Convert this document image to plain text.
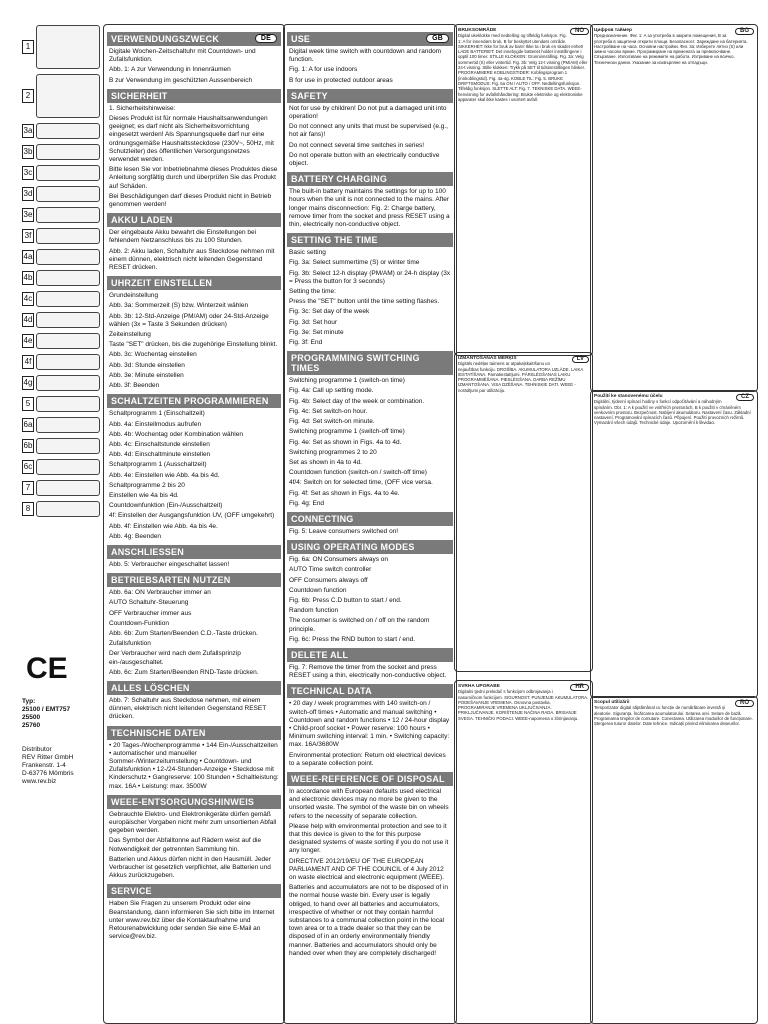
1
2
3a
3b
3c
3d
3e
3f
4a
4b
4c
4d
4e
4f
4g
5
6a
6b
6c
7
8
CE
Typ:
25100 / EMT757
25500
25760
Distributor
REV Ritter GmbH
Frankenstr. 1-4
D-63776 Mömbris
www.rev.biz
VERWENDUNGSZWECK	DE
Digitale Wochen-Zeitschaltuhr mit Countdown- und Zufallsfunktion.
Abb. 1: A zur Verwendung in Innenräumen
B zur Verwendung im geschützten Aussenbereich
SICHERHEIT
1. Sicherheitshinweise:
Dieses Produkt ist für normale Haushaltsanwendungen geeignet; es darf nicht als Sicherheitsvorrichtung eingesetzt werden! Als Spannungsquelle darf nur eine ordnungsgemäße Haushaltssteckdose (230V~, 50Hz, mit Schutzleiter) des öffentlichen Versorgungsnetzes verwendet werden.
Bitte lesen Sie vor Inbetriebnahme dieses Produktes diese Anleitung sorgfältig durch und überprüfen Sie das Produkt auf Schäden.
Bei Beschädigungen darf dieses Produkt nicht in Betrieb genommen werden!
AKKU LADEN
Der eingebaute Akku bewahrt die Einstellungen bei fehlendem Netzanschluss bis zu 100 Stunden.
Abb. 2: Akku laden, Schaltuhr aus Steckdose nehmen mit einem dünnen, elektrisch nicht leitenden Gegenstand RESET drücken.
UHRZEIT EINSTELLEN
Grundeinstellung
Abb. 3a: Sommerzeit (S) bzw. Winterzeit wählen
Abb. 3b: 12-Std-Anzeige (PM/AM) oder 24-Std-Anzeige wählen (3x = Taste 3 Sekunden drücken)
Zeiteinstellung
Taste "SET" drücken, bis die zugehörige Einstellung blinkt.
Abb. 3c: Wochentag einstellen
Abb. 3d: Stunde einstellen
Abb. 3e: Minute einstellen
Abb. 3f: Beenden
SCHALTZEITEN PROGRAMMIEREN
Schaltprogramm 1 (Einschaltzeit)
Abb. 4a: Einstellmodus aufrufen
Abb. 4b: Wochentag oder Kombination wählen
Abb. 4c: Einschaltstunde einstellen
Abb. 4d: Einschaltminute einstellen
Schaltprogramm 1 (Ausschaltzeit)
Abb. 4e: Einstellen wie Abb. 4a bis 4d.
Schaltprogramme 2 bis 20
Einstellen wie 4a bis 4d.
Countdownfunktion (Ein-/Ausschaltzeit)
4f: Einstellen der Ausgangsfunktion UV, (OFF umgekehrt)
Abb. 4f: Einstellen wie Abb. 4a bis 4e.
Abb. 4g: Beenden
ANSCHLIESSEN
Abb. 5: Verbraucher eingeschaltet lassen!
BETRIEBSARTEN NUTZEN
Abb. 6a: ON Verbraucher immer an
AUTO Schaltuhr-Steuerung
OFF Verbraucher immer aus
Countdown-Funktion
Abb. 6b: Zum Starten/Beenden C.D.-Taste drücken.
Zufallsfunktion
Der Verbraucher wird nach dem Zufallsprinzip ein-/ausgeschaltet.
Abb. 6c: Zum Starten/Beenden RND-Taste drücken.
ALLES LÖSCHEN
Abb. 7: Schaltuhr aus Steckdose nehmen, mit einem dünnen, elektrisch nicht leitenden Gegenstand RESET drücken.
TECHNISCHE DATEN
• 20 Tages-/Wochenprogramme • 144 Ein-/Ausschaltzeiten • automatischer und manueller Sommer-/Winterzeitumstellung • Countdown- und Zufallsfunktion • 12-/24-Stunden-Anzeige • Steckdose mit Kinderschutz • Gangreserve: 100 Stunden • Schaltleistung: max. 16A • Leistung: max. 3500W
WEEE-ENTSORGUNGSHINWEIS
Gebrauchte Elektro- und Elektronikgeräte dürfen gemäß europäischer Vorgaben nicht mehr zum unsortierten Abfall gegeben werden.
Das Symbol der Abfalltonne auf Rädern weist auf die Notwendigkeit der getrennten Sammlung hin.
Batterien und Akkus dürfen nicht in den Hausmüll. Jeder Verbraucher ist gesetzlich verpflichtet, alle Batterien und Akkus zurückzugeben.
SERVICE
Haben Sie Fragen zu unserem Produkt oder eine Beanstandung, dann informieren Sie sich bitte im Internet unter www.rev.biz über die Kontaktaufnahme und Retourenabwicklung oder senden Sie eine E-Mail an service@rev.biz.
USE	GB
Digital week time switch with countdown and random function.
Fig. 1: A for use indoors
B for use in protected outdoor areas
SAFETY
Not for use by children! Do not put a damaged unit into operation!
Do not connect any units that must be supervised (e.g., hot air fans)!
Do not connect several time switches in series!
Do not operate button with an electrically conductive object.
BATTERY CHARGING
The built-in battery maintains the settings for up to 100 hours when the unit is not connected to the mains. After longer mains disconnection: Fig. 2: Charge battery, remove timer from the socket and press RESET using a thin, electrically non-conductive object.
SETTING THE TIME
Basic setting
Fig. 3a: Select summertime (S) or winter time
Fig. 3b: Select 12-h display (PM/AM) or 24-h display (3x = Press the button for 3 seconds)
Setting the time:
Press the "SET" button until the time setting flashes.
Fig. 3c: Set day of the week
Fig. 3d: Set hour
Fig. 3e: Set minute
Fig. 3f: End
PROGRAMMING SWITCHING TIMES
Switching programme 1 (switch-on time)
Fig. 4a: Call up setting mode.
Fig. 4b: Select day of the week or combination.
Fig. 4c: Set switch-on hour.
Fig. 4d: Set switch-on minute.
Switching programme 1 (switch-off time)
Fig. 4e: Set as shown in Figs. 4a to 4d.
Switching programmes 2 to 20
Set as shown in 4a to 4d.
Countdown function (switch-on / switch-off time)
4f/4: Switch on for selected time, (OFF vice versa.
Fig. 4f: Set as shown in Figs. 4a to 4e.
Fig. 4g: End
CONNECTING
Fig. 5: Leave consumers switched on!
USING OPERATING MODES
Fig. 6a: ON Consumers always on
AUTO Time switch controller
OFF Consumers always off
Countdown function
Fig. 6b: Press C.D button to start / end.
Random function
The consumer is switched on / off on the random principle.
Fig. 6c: Press the RND button to start / end.
DELETE ALL
Fig. 7: Remove the timer from the socket and press RESET using a thin, electrically non-conductive object.
TECHNICAL DATA
• 20 day / week programmes with 140 switch-on / switch-off times • Automatic and manual switching • Countdown and random functions • 12 / 24-hour display • Child-proof socket • Power reserve: 100 hours • Minimum switching interval: 1 min. • Switching capacity: max. 16A/3680W
Environmental protection: Return old electrical devices to a separate collection point.
WEEE-REFERENCE OF DISPOSAL
In accordance with European defaults used electrical and electronic devices may no more be given to the unsorted waste. The symbol of the waste bin on wheels refers to the necessity of separate collection.
Please help with environmental protection and see to it that this device is given to the for this purpose designated systems of waste sorting if you do not use it any longer.
DIRECTIVE 2012/19/EU OF THE EUROPEAN PARLIAMENT AND OF THE COUNCIL of 4 July 2012 on waste electrical and electronic equipment (WEEE).
Batteries and accumulators are not to be disposed of in the normal house waste bin. Every user is legally obliged, to hand over all batteries and accumulators, irrespective of whether or not they contain harmful substances to a communal collection point in the local town area or to a trade dealer so that they can be disposed of in an orderly environmentally friendly manner. Batteries and accumulators should only be handed over when they are completely discharged!
NO
BRUKSOMRÅDE
Digital ukeklokke med nedtelling og tilfeldig funksjon. Fig. 1: A for innendørs bruk, B for beskyttet utendørs område. SIKKERHET: Ikke for bruk av barn! Ikke ta i bruk en skadet enhet! LADE BATTERIET: Det innebygde batteriet holder innstillingene i opptil 100 timer. STILLE KLOKKEN: Grunninnstilling. Fig. 3a: Velg sommertid (S) eller vintertid. Fig. 3b: Velg 12-t visning (PM/AM) eller 24-t visning. Stille klokken: Trykk på SET til tidsinnstillingen blinker. PROGRAMMERE KOBLINGSTIDER: Koblingsprogram 1 (innkoblingstid). Fig. 4a-4g. KOBLE TIL: Fig. 5. BRUKE DRIFTSMODUS: Fig. 6a ON / AUTO / OFF. Nedtellingsfunksjon. Tilfeldig funksjon. SLETTE ALT: Fig. 7. TEKNISKE DATA. WEEE-henvisning for avfallshåndtering: Brukte elektriske og elektroniske apparater skal ikke kastes i usortert avfall.
BG
Цифров таймер
Предназначение. Фиг. 1: A за употреба в закрити помещения, B за употреба в защитени открити площи. Безопасност. Зареждане на батерията. Настройване на часа. Основни настройки. Фиг. 3a: Изберете лятно (S) или зимно часово време. Програмиране на времената за превключване. Свързване. Използване на режимите на работа. Изтриване на всичко. Технически данни. Указание за изхвърляне на отпадъци.
LV
IZMANTOŠANAS MĒRĶIS
Digitāls nedēļas taimeris ar atpakaļskaitīšanu un nejaušības funkciju. DROŠĪBA. AKUMULATORA UZLĀDE. LAIKA IESTATĪŠANA. Pamatiestatījumi. PĀRSLĒGŠANAS LAIKU PROGRAMMĒŠANA. PIESLĒGŠANA. DARBA REŽĪMU IZMANTOŠANA. VISA DZĒŠANA. TEHNISKIE DATI. WEEE - norādījumi par utilizāciju.
CZ
Použití ke stanovenému účelu
Digitální, týdenní spínací hodiny s funkcí odpočítávání a náhodným spínáním. Obr. 1: A k použití ve vnitřních prostorách, B k použití v chráněném venkovním prostoru. Bezpečnost. Nabíjení akumulátoru. Nastavení času. Základní nastavení. Programování spínacích časů. Připojení. Použití provozních režimů. Vymazání všech údajů. Technické údaje. Upozornění k likvidaci.
HR
SVRHA UPORABE
Digitalni tjedni prekidač s funkcijom odbrojavanja i nasumičnom funkcijom. SIGURNOST. PUNJENJE AKUMULATORA. PODEŠAVANJE VREMENA. Osnovna postavka. PROGRAMIRANJE VREMENA UKLJUČIVANJA. PRIKLJUČIVANJE. KORIŠTENJE NAČINA RADA. BRISANJE SVEGA. TEHNIČKI PODACI. WEEE-napomena o zbrinjavanju.
RO
Scopul utilizării
Temporizator digital săptămânal cu funcție de numărătoare inversă și aleatorie. Siguranța. Încărcarea acumulatorului. Setarea orei. Setare de bază. Programarea timpilor de comutare. Conectarea. Utilizarea modurilor de funcționare. Ștergerea tuturor datelor. Date tehnice. Indicații privind eliminarea deșeurilor.
